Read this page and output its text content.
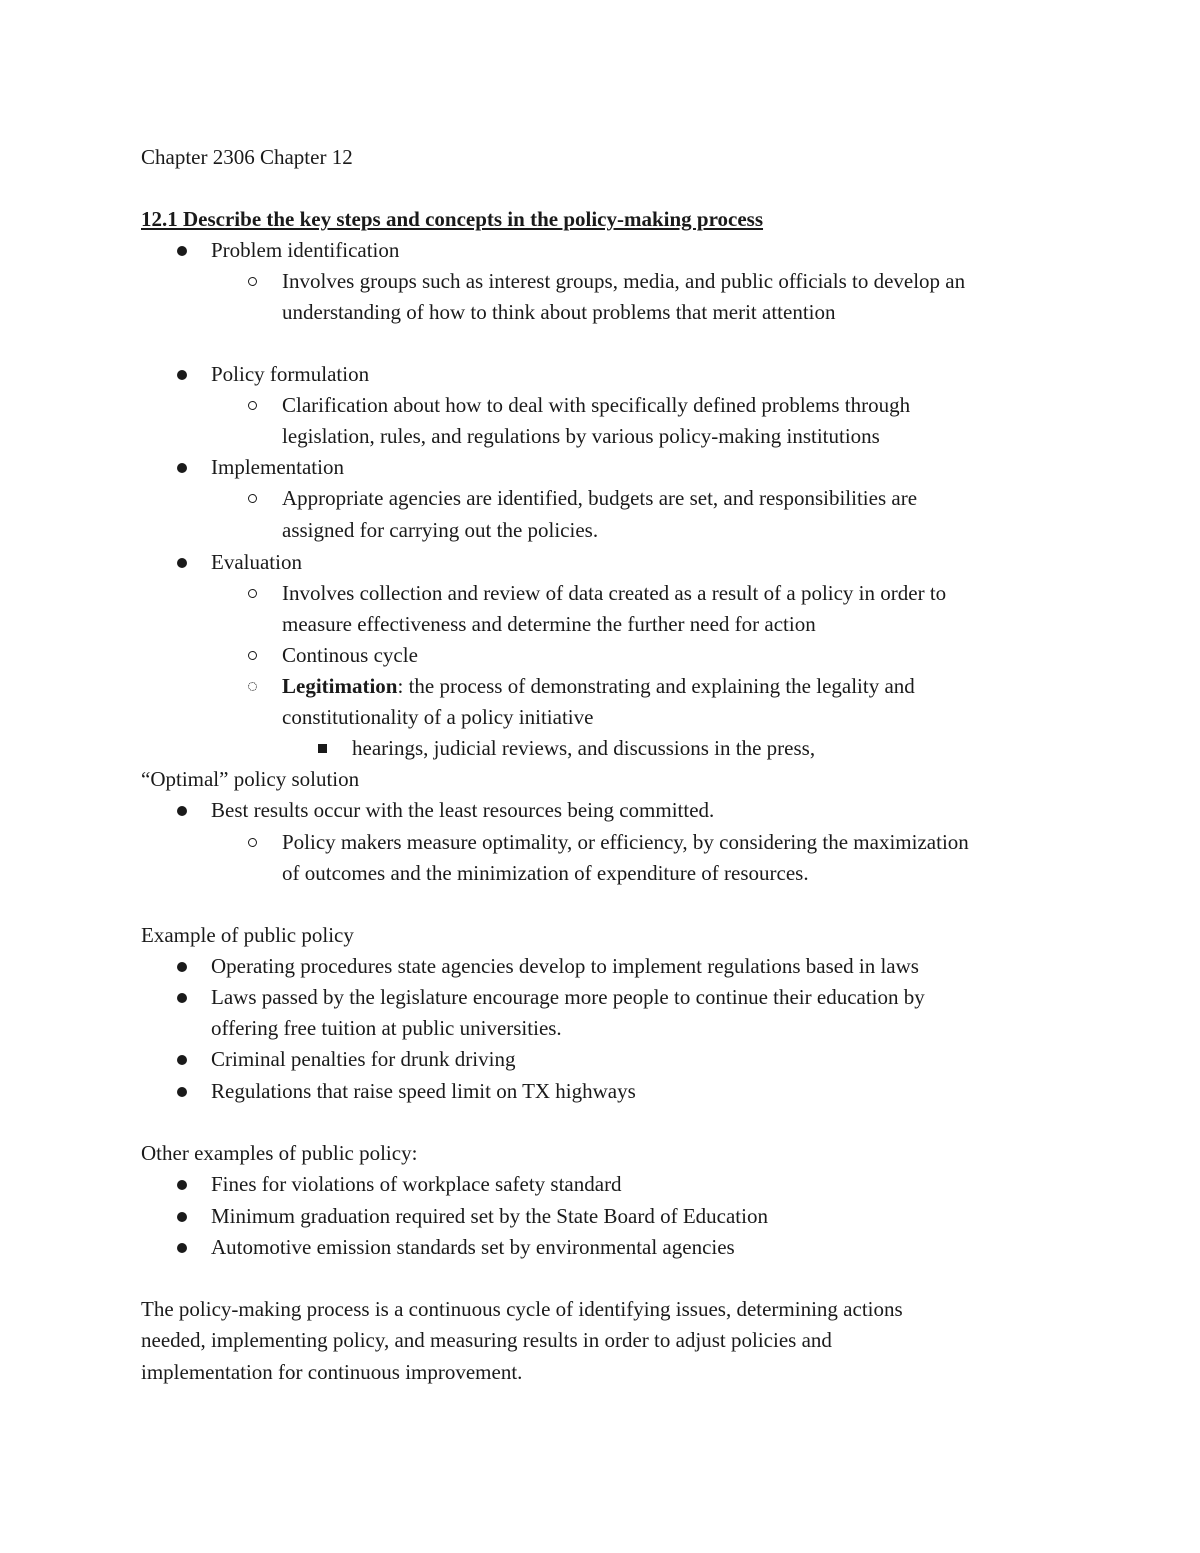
Chapter 2306 Chapter 12
12.1 Describe the key steps and concepts in the policy-making process
Problem identification
Involves groups such as interest groups, media, and public officials to develop an
understanding of how to think about problems that merit attention
Policy formulation
Clarification about how to deal with specifically defined problems through
legislation, rules, and regulations by various policy-making institutions
Implementation
Appropriate agencies are identified, budgets are set, and responsibilities are
assigned for carrying out the policies.
Evaluation
Involves collection and review of data created as a result of a policy in order to
measure effectiveness and determine the further need for action
Continous cycle
Legitimation: the process of demonstrating and explaining the legality and
constitutionality of a policy initiative
hearings, judicial reviews, and discussions in the press,
“Optimal” policy solution
Best results occur with the least resources being committed.
Policy makers measure optimality, or efficiency, by considering the maximization
of outcomes and the minimization of expenditure of resources.
Example of public policy
Operating procedures state agencies develop to implement regulations based in laws
Laws passed by the legislature encourage more people to continue their education by
offering free tuition at public universities.
Criminal penalties for drunk driving
Regulations that raise speed limit on TX highways
Other examples of public policy:
Fines for violations of workplace safety standard
Minimum graduation required set by the State Board of Education
Automotive emission standards set by environmental agencies
The policy-making process is a continuous cycle of identifying issues, determining actions
needed, implementing policy, and measuring results in order to adjust policies and
implementation for continuous improvement.
